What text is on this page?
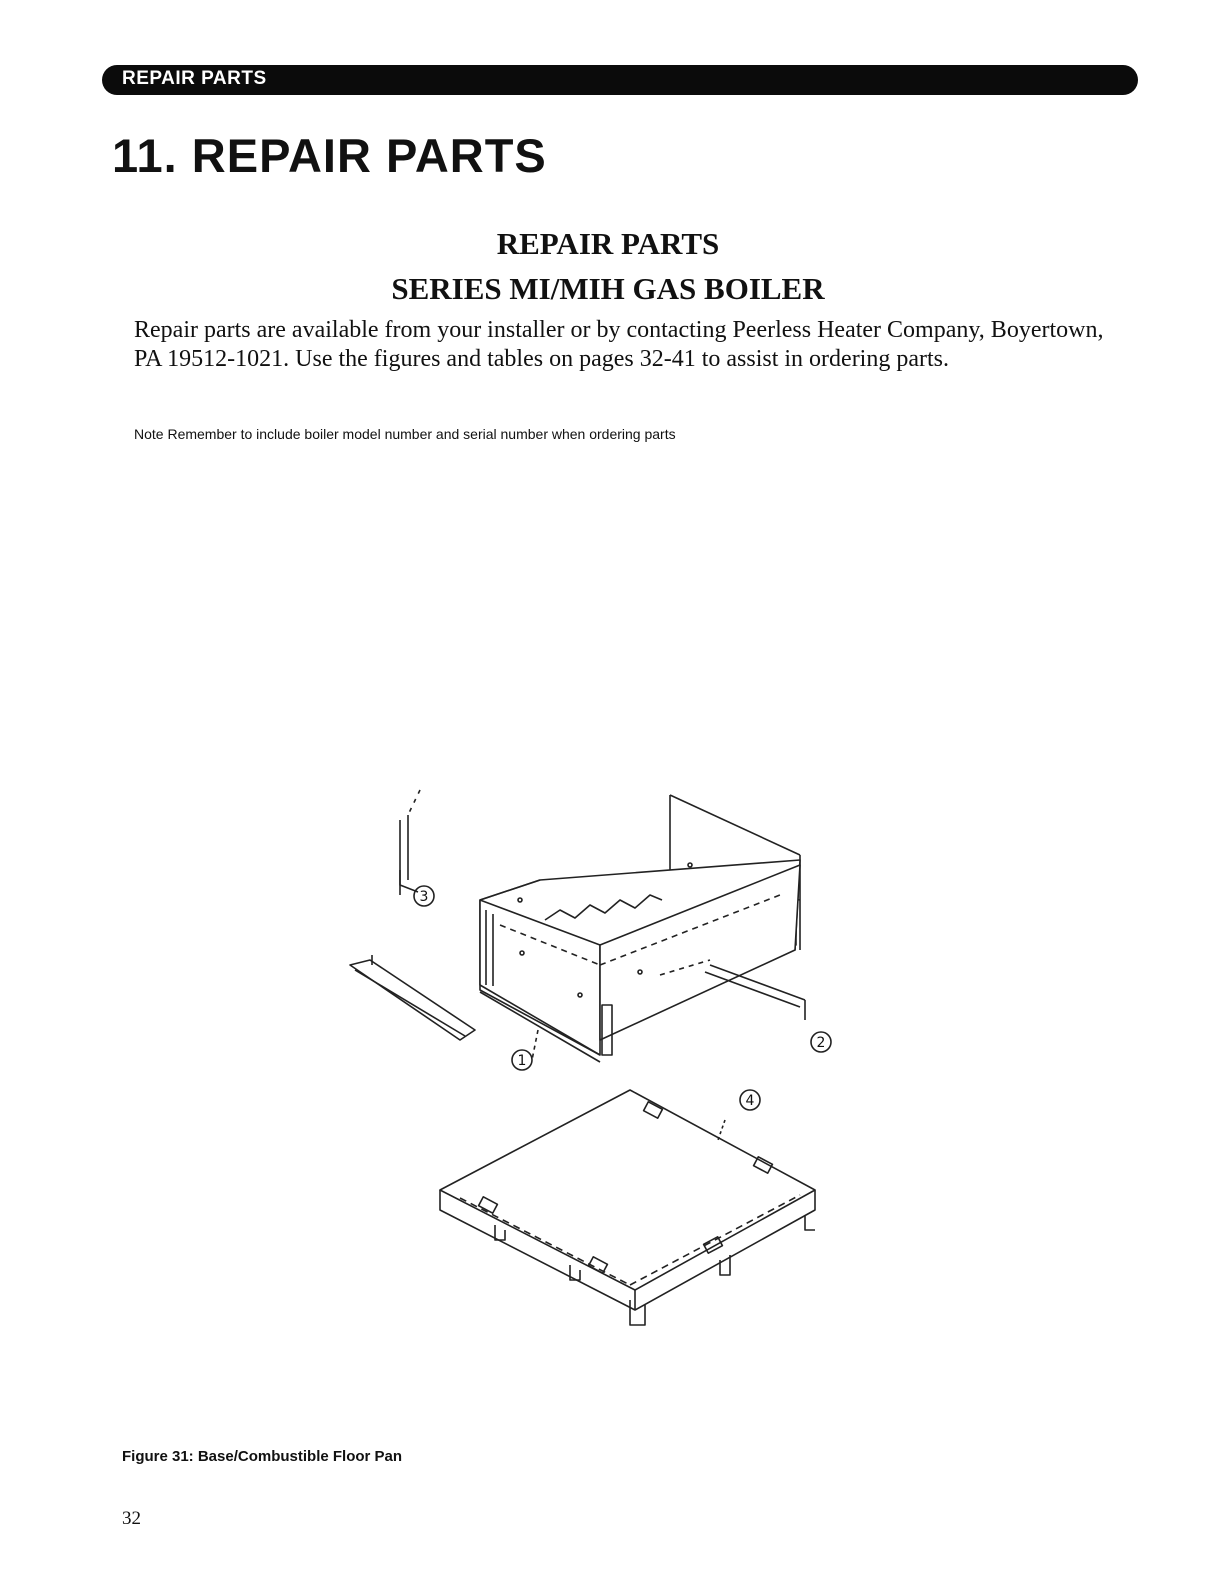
REPAIR PARTS
11. REPAIR PARTS
REPAIR PARTS
SERIES MI/MIH GAS BOILER

Repair parts are available from your installer or by contacting Peerless Heater Company, Boyertown, PA 19512-1021. Use the figures and tables on pages 32-41 to assist in ordering parts.

Note Remember to include boiler model number and serial number when ordering parts

3
1
2
4

Figure 31: Base/Combustible Floor Pan

32
